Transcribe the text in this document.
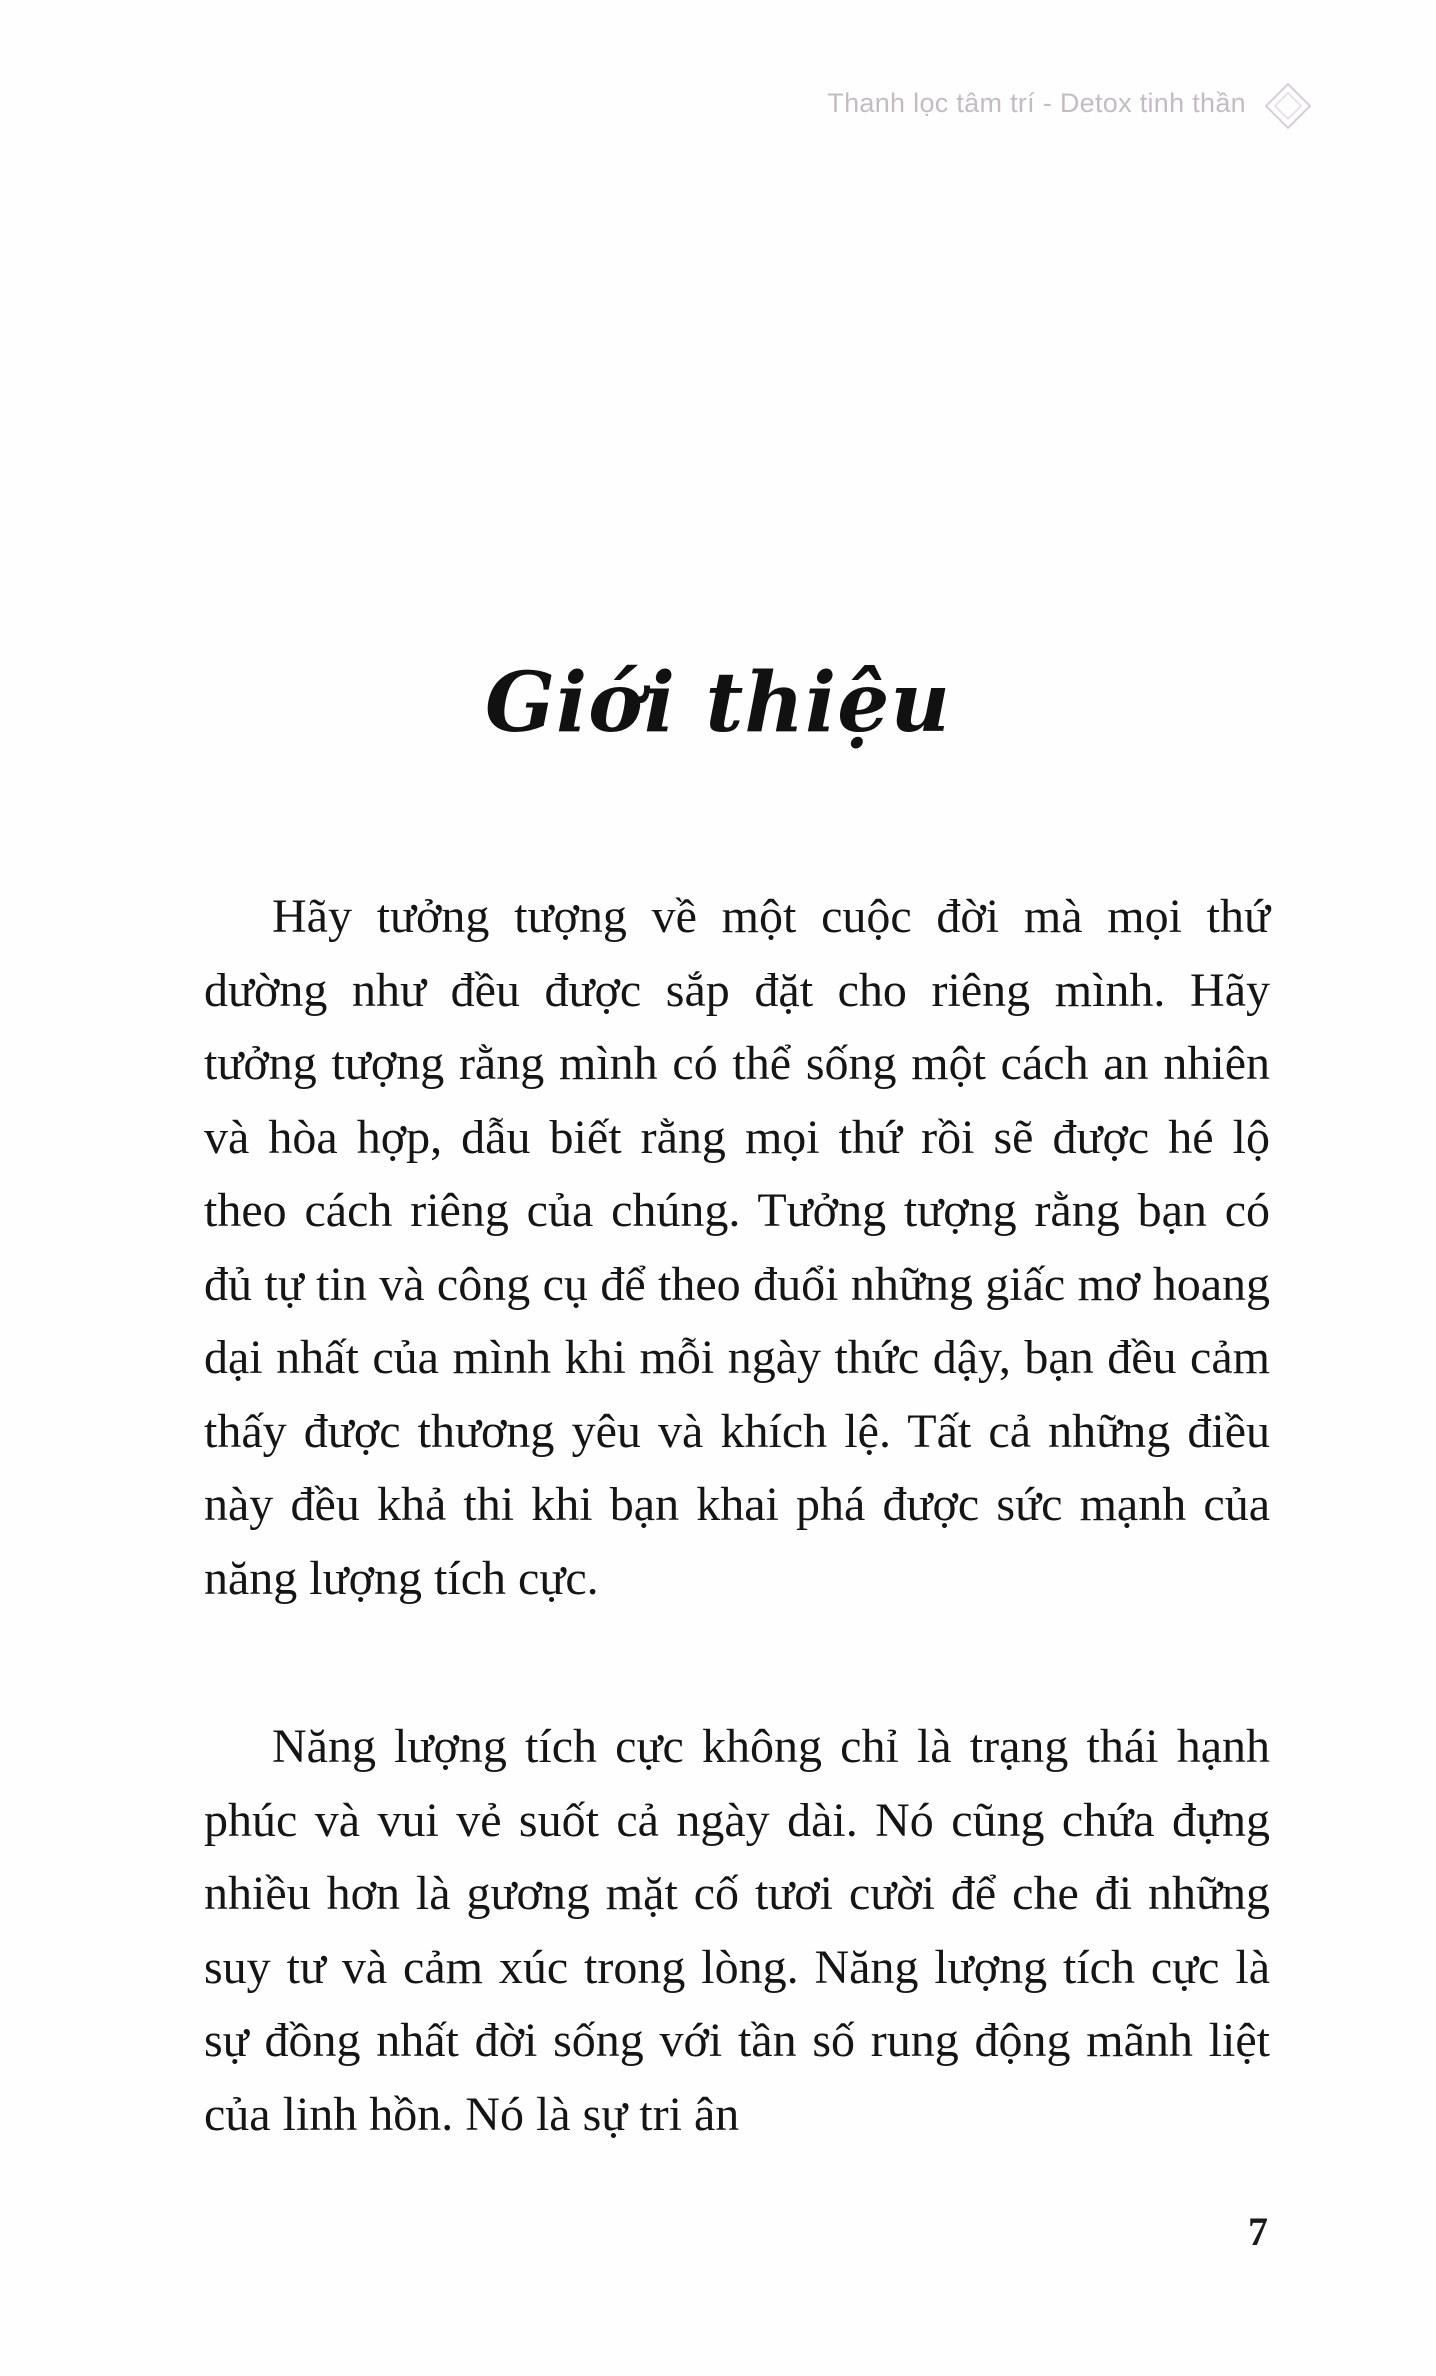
Thanh lọc tâm trí - Detox tinh thần
Giới thiệu

Hãy tưởng tượng về một cuộc đời mà mọi thứ dường như đều được sắp đặt cho riêng mình. Hãy tưởng tượng rằng mình có thể sống một cách an nhiên và hòa hợp, dẫu biết rằng mọi thứ rồi sẽ được hé lộ theo cách riêng của chúng. Tưởng tượng rằng bạn có đủ tự tin và công cụ để theo đuổi những giấc mơ hoang dại nhất của mình khi mỗi ngày thức dậy, bạn đều cảm thấy được thương yêu và khích lệ. Tất cả những điều này đều khả thi khi bạn khai phá được sức mạnh của năng lượng tích cực.

Năng lượng tích cực không chỉ là trạng thái hạnh phúc và vui vẻ suốt cả ngày dài. Nó cũng chứa đựng nhiều hơn là gương mặt cố tươi cười để che đi những suy tư và cảm xúc trong lòng. Năng lượng tích cực là sự đồng nhất đời sống với tần số rung động mãnh liệt của linh hồn. Nó là sự tri ân

7
